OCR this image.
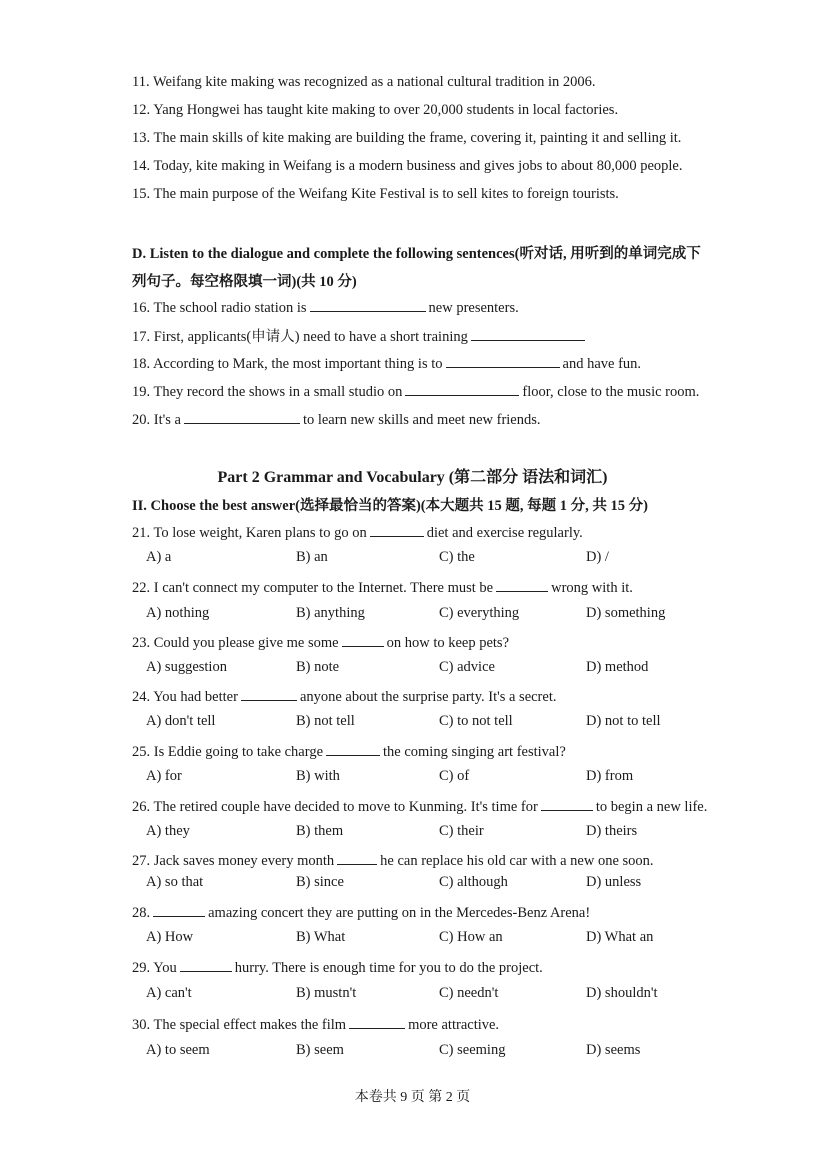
11. Weifang kite making was recognized as a national cultural tradition in 2006.
12. Yang Hongwei has taught kite making to over 20,000 students in local factories.
13. The main skills of kite making are building the frame, covering it, painting it and selling it.
14. Today, kite making in Weifang is a modern business and gives jobs to about 80,000 people.
15. The main purpose of the Weifang Kite Festival is to sell kites to foreign tourists.
D. Listen to the dialogue and complete the following sentences(听对话, 用听到的单词完成下
列句子。每空格限填一词)(共 10 分)
16. The school radio station is	new presenters.
17. First, applicants(申请人) need to have a short training
18. According to Mark, the most important thing is to	and have fun.
19. They record the shows in a small studio on	floor, close to the music room.
20. It's a	to learn new skills and meet new friends.
Part 2 Grammar and Vocabulary (第二部分 语法和词汇)
II. Choose the best answer(选择最恰当的答案)(本大题共 15 题, 每题 1 分, 共 15 分)
21. To lose weight, Karen plans to go on	diet and exercise regularly.
A) a	B) an	C) the	D) /
22. I can't connect my computer to the Internet. There must be	wrong with it.
A) nothing	B) anything	C) everything	D) something
23. Could you please give me some	on how to keep pets?
A) suggestion	B) note	C) advice	D) method
24. You had better	anyone about the surprise party. It's a secret.
A) don't tell	B) not tell	C) to not tell	D) not to tell
25. Is Eddie going to take charge	the coming singing art festival?
A) for	B) with	C) of	D) from
26. The retired couple have decided to move to Kunming. It's time for	to begin a new life.
A) they	B) them	C) their	D) theirs
27. Jack saves money every month	he can replace his old car with a new one soon.
A) so that	B) since	C) although	D) unless
28.	amazing concert they are putting on in the Mercedes-Benz Arena!
A) How	B) What	C) How an	D) What an
29. You	hurry. There is enough time for you to do the project.
A) can't	B) mustn't	C) needn't	D) shouldn't
30. The special effect makes the film	more attractive.
A) to seem	B) seem	C) seeming	D) seems
本卷共 9 页 第 2 页
